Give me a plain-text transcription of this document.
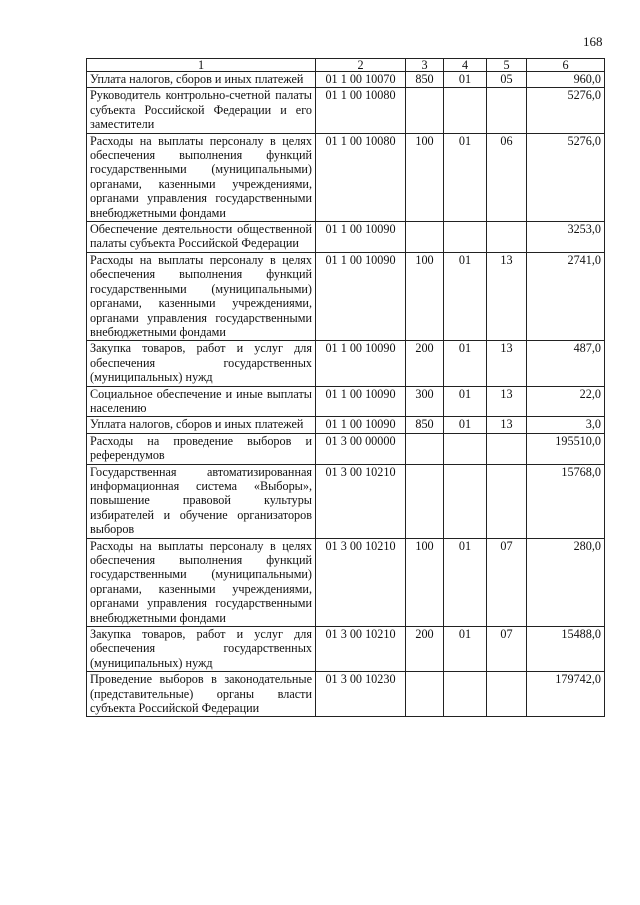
168
1	2	3	4	5	6
Уплата налогов, сборов и иных платежей	01 1 00 10070	850	01	05	960,0
Руководитель контрольно-счетной палаты субъекта Российской Федерации и его заместители	01 1 00 10080				5276,0
Расходы на выплаты персоналу в целях обеспечения выполнения функций государственными (муниципальными) органами, казенными учреждениями, органами управления государственными внебюджетными фондами	01 1 00 10080	100	01	06	5276,0
Обеспечение деятельности общественной палаты субъекта Российской Федерации	01 1 00 10090				3253,0
Расходы на выплаты персоналу в целях обеспечения выполнения функций государственными (муниципальными) органами, казенными учреждениями, органами управления государственными внебюджетными фондами	01 1 00 10090	100	01	13	2741,0
Закупка товаров, работ и услуг для обеспечения государственных (муниципальных) нужд	01 1 00 10090	200	01	13	487,0
Социальное обеспечение и иные выплаты населению	01 1 00 10090	300	01	13	22,0
Уплата налогов, сборов и иных платежей	01 1 00 10090	850	01	13	3,0
Расходы на проведение выборов и референдумов	01 3 00 00000				195510,0
Государственная автоматизированная информационная система «Выборы», повышение правовой культуры избирателей и обучение организаторов выборов	01 3 00 10210				15768,0
Расходы на выплаты персоналу в целях обеспечения выполнения функций государственными (муниципальными) органами, казенными учреждениями, органами управления государственными внебюджетными фондами	01 3 00 10210	100	01	07	280,0
Закупка товаров, работ и услуг для обеспечения государственных (муниципальных) нужд	01 3 00 10210	200	01	07	15488,0
Проведение выборов в законодательные (представительные) органы власти субъекта Российской Федерации	01 3 00 10230				179742,0
